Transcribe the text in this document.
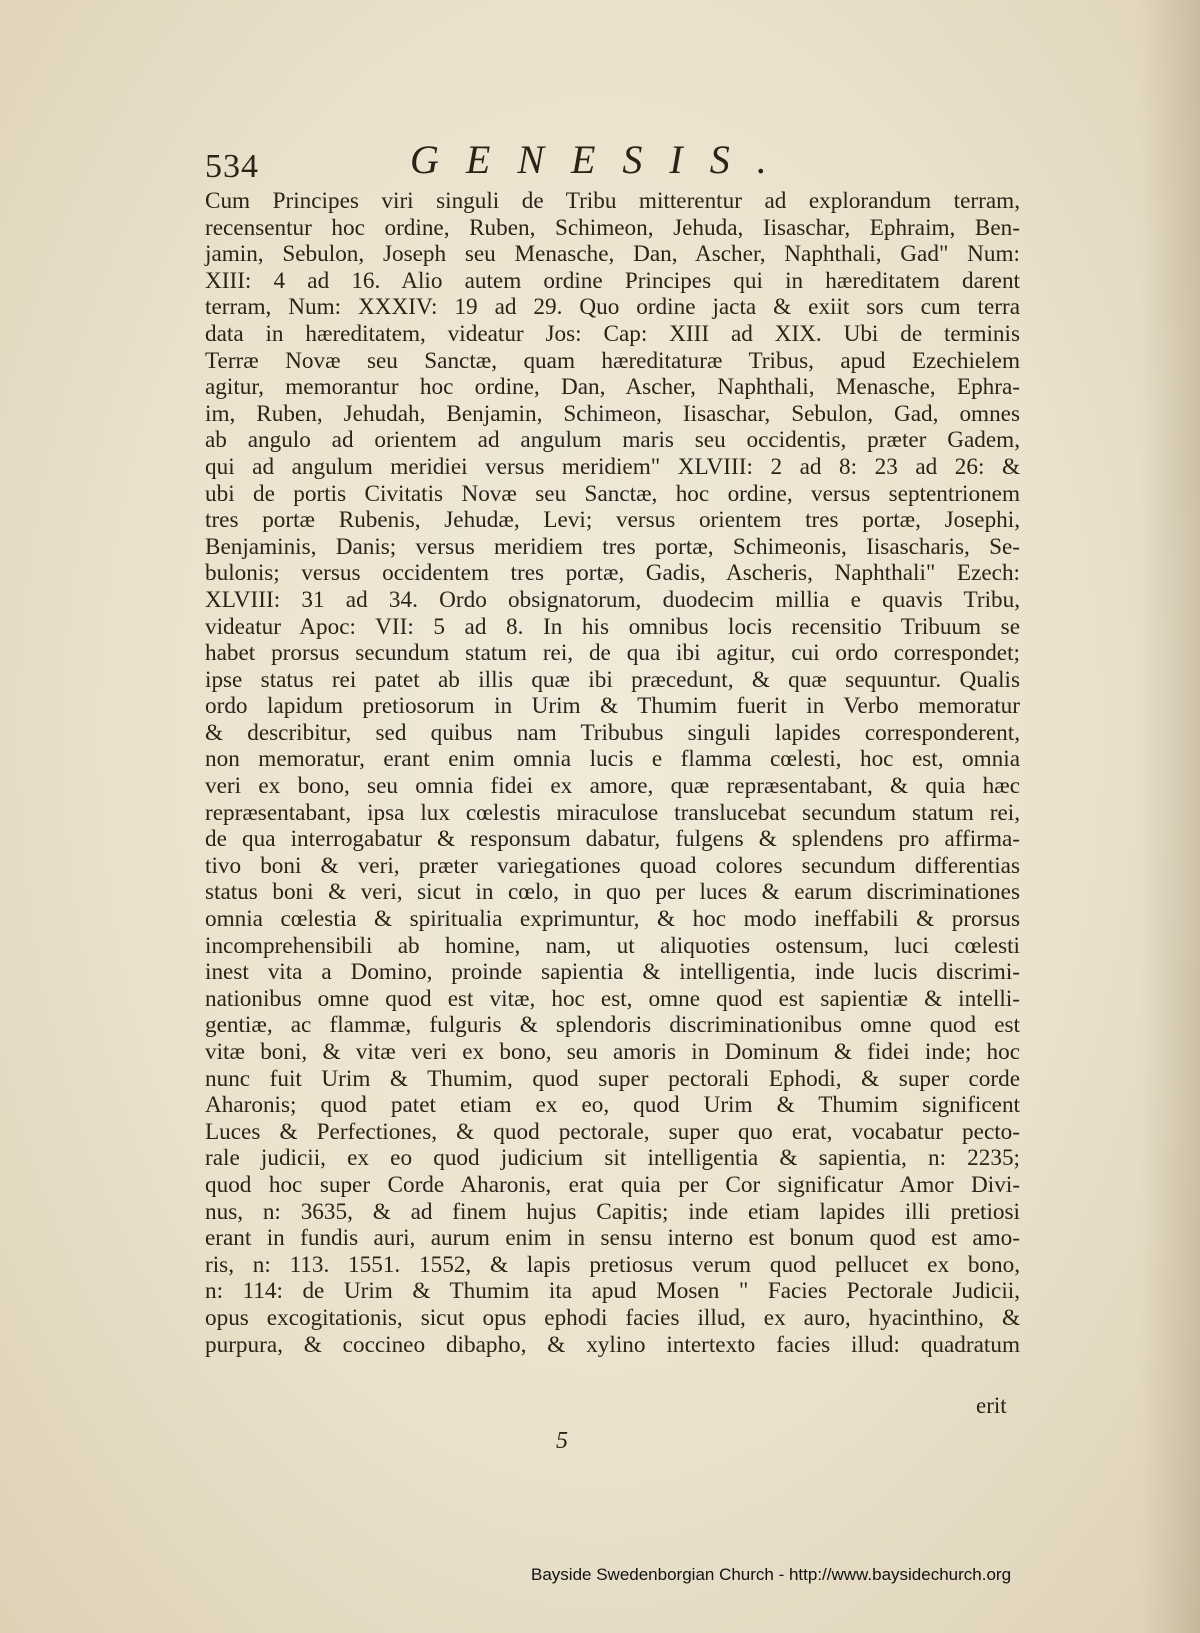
534	GENESIS.
Cum Principes viri singuli de Tribu mitterentur ad explorandum terram,
recensentur hoc ordine, Ruben, Schimeon, Jehuda, Iisaschar, Ephraim, Ben-
jamin, Sebulon, Joseph seu Menasche, Dan, Ascher, Naphthali, Gad" Num:
XIII: 4 ad 16. Alio autem ordine Principes qui in hæreditatem darent
terram, Num: XXXIV: 19 ad 29. Quo ordine jacta & exiit sors cum terra
data in hæreditatem, videatur Jos: Cap: XIII ad XIX. Ubi de terminis
Terræ Novæ seu Sanctæ, quam hæreditaturæ Tribus, apud Ezechielem
agitur, memorantur hoc ordine, Dan, Ascher, Naphthali, Menasche, Ephra-
im, Ruben, Jehudah, Benjamin, Schimeon, Iisaschar, Sebulon, Gad, omnes
ab angulo ad orientem ad angulum maris seu occidentis, præter Gadem,
qui ad angulum meridiei versus meridiem" XLVIII: 2 ad 8: 23 ad 26: &
ubi de portis Civitatis Novæ seu Sanctæ, hoc ordine, versus septentrionem
tres portæ Rubenis, Jehudæ, Levi; versus orientem tres portæ, Josephi,
Benjaminis, Danis; versus meridiem tres portæ, Schimeonis, Iisascharis, Se-
bulonis; versus occidentem tres portæ, Gadis, Ascheris, Naphthali" Ezech:
XLVIII: 31 ad 34. Ordo obsignatorum, duodecim millia e quavis Tribu,
videatur Apoc: VII: 5 ad 8. In his omnibus locis recensitio Tribuum se
habet prorsus secundum statum rei, de qua ibi agitur, cui ordo correspondet;
ipse status rei patet ab illis quæ ibi præcedunt, & quæ sequuntur. Qualis
ordo lapidum pretiosorum in Urim & Thumim fuerit in Verbo memoratur
& describitur, sed quibus nam Tribubus singuli lapides corresponderent,
non memoratur, erant enim omnia lucis e flamma cœlesti, hoc est, omnia
veri ex bono, seu omnia fidei ex amore, quæ repræsentabant, & quia hæc
repræsentabant, ipsa lux cœlestis miraculose translucebat secundum statum rei,
de qua interrogabatur & responsum dabatur, fulgens & splendens pro affirma-
tivo boni & veri, præter variegationes quoad colores secundum differentias
status boni & veri, sicut in cœlo, in quo per luces & earum discriminationes
omnia cœlestia & spiritualia exprimuntur, & hoc modo ineffabili & prorsus
incomprehensibili ab homine, nam, ut aliquoties ostensum, luci cœlesti
inest vita a Domino, proinde sapientia & intelligentia, inde lucis discrimi-
nationibus omne quod est vitæ, hoc est, omne quod est sapientiæ & intelli-
gentiæ, ac flammæ, fulguris & splendoris discriminationibus omne quod est
vitæ boni, & vitæ veri ex bono, seu amoris in Dominum & fidei inde; hoc
nunc fuit Urim & Thumim, quod super pectorali Ephodi, & super corde
Aharonis; quod patet etiam ex eo, quod Urim & Thumim significent
Luces & Perfectiones, & quod pectorale, super quo erat, vocabatur pecto-
rale judicii, ex eo quod judicium sit intelligentia & sapientia, n: 2235;
quod hoc super Corde Aharonis, erat quia per Cor significatur Amor Divi-
nus, n: 3635, & ad finem hujus Capitis; inde etiam lapides illi pretiosi
erant in fundis auri, aurum enim in sensu interno est bonum quod est amo-
ris, n: 113. 1551. 1552, & lapis pretiosus verum quod pellucet ex bono,
n: 114: de Urim & Thumim ita apud Mosen " Facies Pectorale Judicii,
opus excogitationis, sicut opus ephodi facies illud, ex auro, hyacinthino, &
purpura, & coccineo dibapho, & xylino intertexto facies illud: quadratum
erit
5
Bayside Swedenborgian Church - http://www.baysidechurch.org
